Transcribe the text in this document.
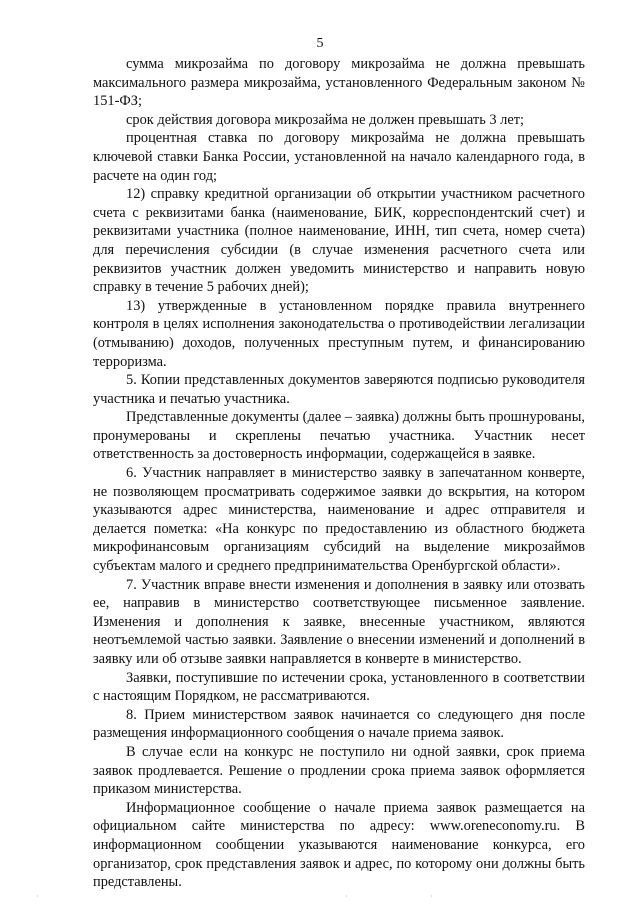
5

сумма микрозайма по договору микрозайма не должна превышать максимального размера микрозайма, установленного Федеральным законом № 151-ФЗ;

срок действия договора микрозайма не должен превышать 3 лет;

процентная ставка по договору микрозайма не должна превышать ключевой ставки Банка России, установленной на начало календарного года, в расчете на один год;

12) справку кредитной организации об открытии участником расчетного счета с реквизитами банка (наименование, БИК, корреспондентский счет) и реквизитами участника (полное наименование, ИНН, тип счета, номер счета) для перечисления субсидии (в случае изменения расчетного счета или реквизитов участник должен уведомить министерство и направить новую справку в течение 5 рабочих дней);

13) утвержденные в установленном порядке правила внутреннего контроля в целях исполнения законодательства о противодействии легализации (отмыванию) доходов, полученных преступным путем, и финансированию терроризма.

5. Копии представленных документов заверяются подписью руководителя участника и печатью участника.

Представленные документы (далее – заявка) должны быть прошнурованы, пронумерованы и скреплены печатью участника. Участник несет ответственность за достоверность информации, содержащейся в заявке.

6. Участник направляет в министерство заявку в запечатанном конверте, не позволяющем просматривать содержимое заявки до вскрытия, на котором указываются адрес министерства, наименование и адрес отправителя и делается пометка: «На конкурс по предоставлению из областного бюджета микрофинансовым организациям субсидий на выделение микрозаймов субъектам малого и среднего предпринимательства Оренбургской области».

7. Участник вправе внести изменения и дополнения в заявку или отозвать ее, направив в министерство соответствующее письменное заявление. Изменения и дополнения к заявке, внесенные участником, являются неотъемлемой частью заявки. Заявление о внесении изменений и дополнений в заявку или об отзыве заявки направляется в конверте в министерство.

Заявки, поступившие по истечении срока, установленного в соответствии с настоящим Порядком, не рассматриваются.

8. Прием министерством заявок начинается со следующего дня после размещения информационного сообщения о начале приема заявок.

В случае если на конкурс не поступило ни одной заявки, срок приема заявок продлевается. Решение о продлении срока приема заявок оформляется приказом министерства.

Информационное сообщение о начале приема заявок размещается на официальном сайте министерства по адресу: www.oreneconomy.ru. В информационном сообщении указываются наименование конкурса, его организатор, срок представления заявок и адрес, по которому они должны быть представлены.

·	·	·
